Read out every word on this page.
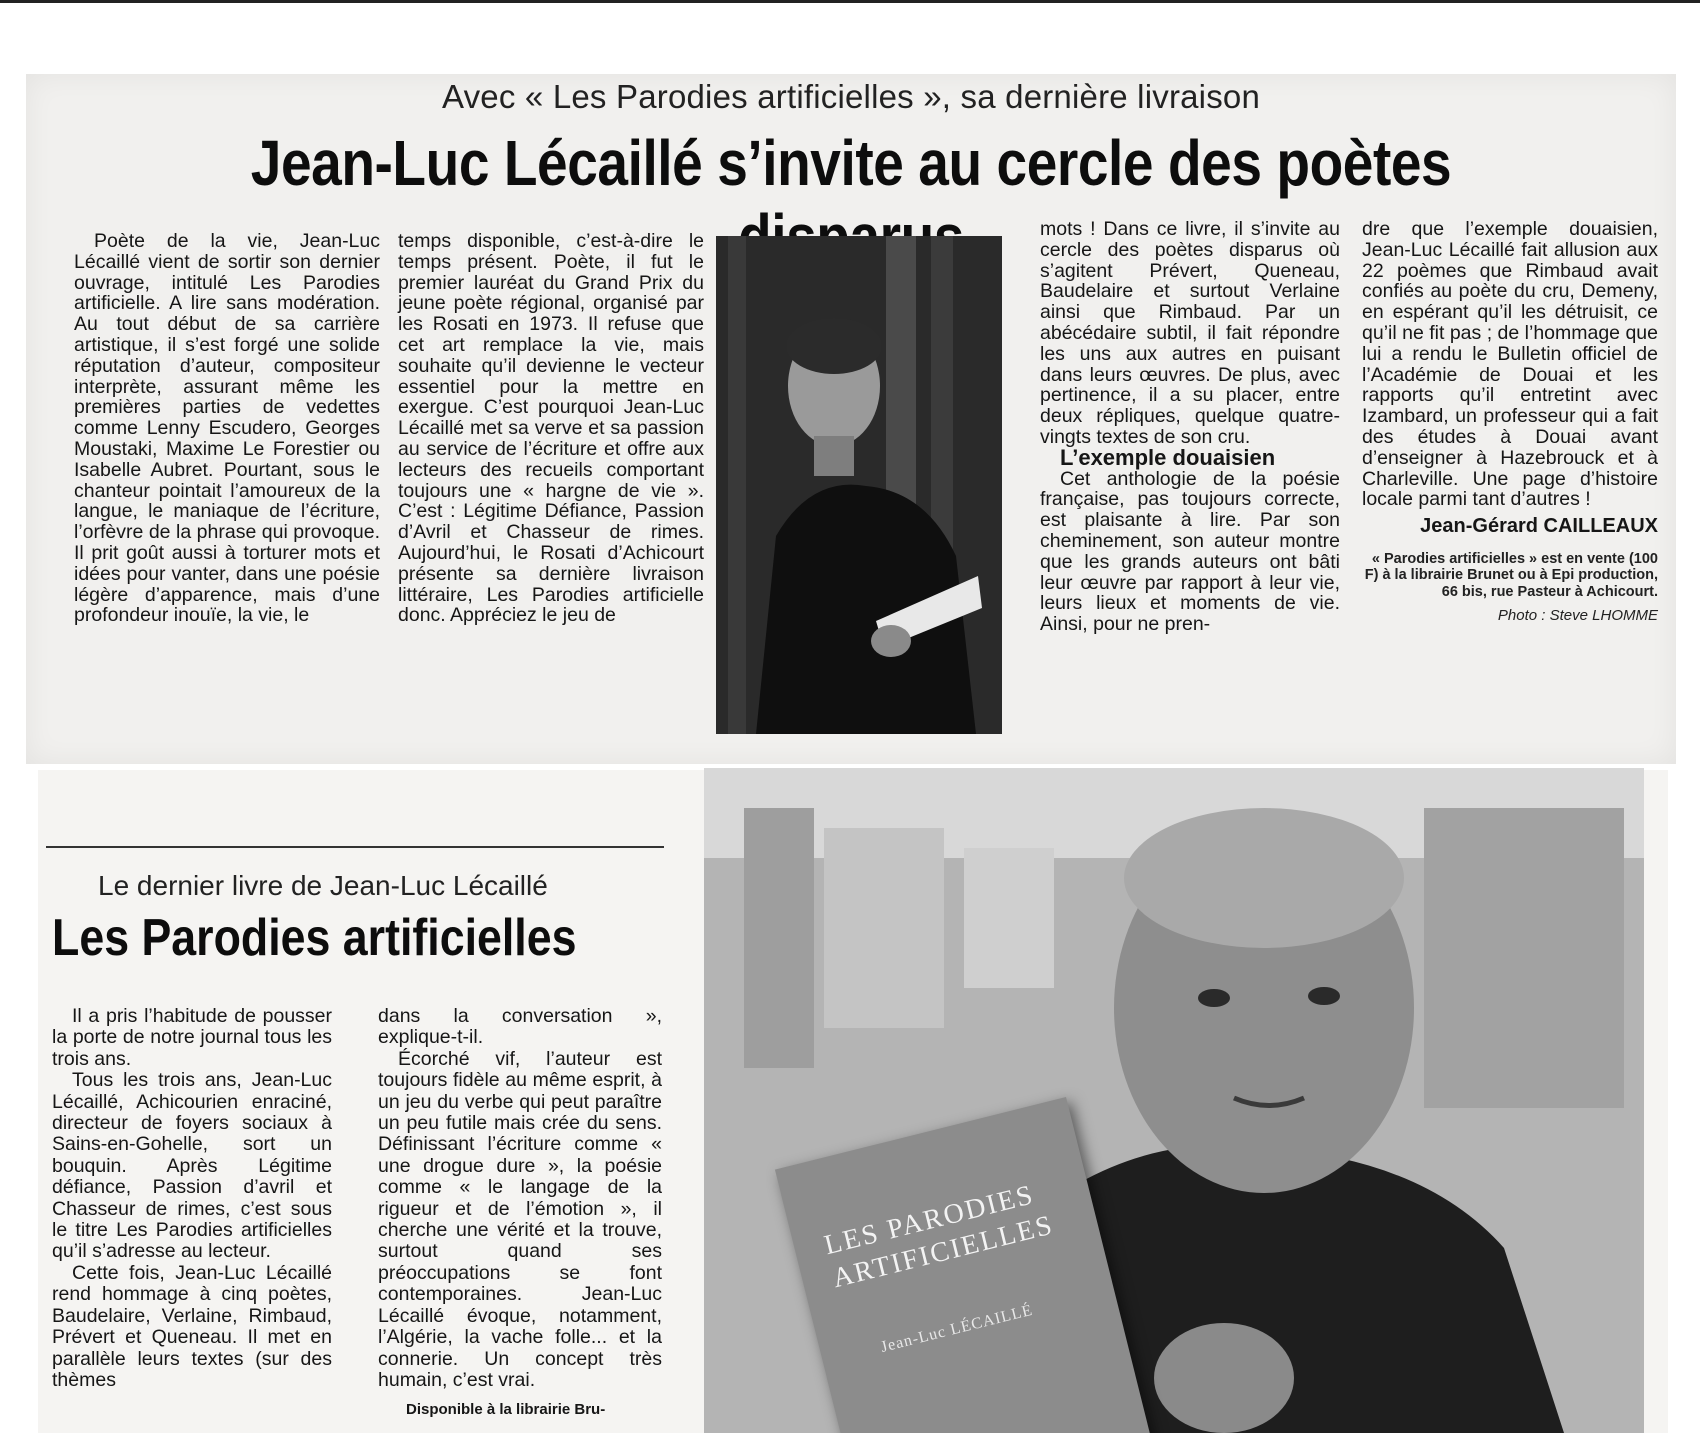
Avec « Les Parodies artificielles », sa dernière livraison
Jean-Luc Lécaillé s’invite au cercle des poètes

Poète de la vie, Jean-Luc Lécaillé vient de sortir son dernier ouvrage, intitulé Les Parodies artificielle. A lire sans modération. Au tout début de sa carrière artistique, il s’est forgé une solide réputation d’auteur, compositeur interprète, assurant même les premières parties de vedettes comme Lenny Escudero, Georges Moustaki, Maxime Le Forestier ou Isabelle Aubret. Pourtant, sous le chanteur pointait l’amoureux de la langue, le maniaque de l’écriture, l’orfèvre de la phrase qui provoque. Il prit goût aussi à torturer mots et idées pour vanter, dans une poésie légère d’apparence, mais d’une profondeur inouïe, la vie, le

temps disponible, c’est-à-dire le temps présent. Poète, il fut le premier lauréat du Grand Prix du jeune poète régional, organisé par les Rosati en 1973. Il refuse que cet art remplace la vie, mais souhaite qu’il devienne le vecteur essentiel pour la mettre en exergue. C’est pourquoi Jean-Luc Lécaillé met sa verve et sa passion au service de l’écriture et offre aux lecteurs des recueils comportant toujours une « hargne de vie ». C’est : Légitime Défiance, Passion d’Avril et Chasseur de rimes. Aujourd’hui, le Rosati d’Achicourt présente sa dernière livraison littéraire, Les Parodies artificielle donc. Appréciez le jeu de

mots ! Dans ce livre, il s’invite au cercle des poètes disparus où s’agitent Prévert, Queneau, Baudelaire et surtout Verlaine ainsi que Rimbaud. Par un abécédaire subtil, il fait répondre les uns aux autres en puisant dans leurs œuvres. De plus, avec pertinence, il a su placer, entre deux répliques, quelque quatre-vingts textes de son cru.

L’exemple douaisien

Cet anthologie de la poésie française, pas toujours correcte, est plaisante à lire. Par son cheminement, son auteur montre que les grands auteurs ont bâti leur œuvre par rapport à leur vie, leurs lieux et moments de vie. Ainsi, pour ne pren-

dre que l’exemple douaisien, Jean-Luc Lécaillé fait allusion aux 22 poèmes que Rimbaud avait confiés au poète du cru, Demeny, en espérant qu’il les détruisit, ce qu’il ne fit pas ; de l’hommage que lui a rendu le Bulletin officiel de l’Académie de Douai et les rapports qu’il entretint avec Izambard, un professeur qui a fait des études à Douai avant d’enseigner à Hazebrouck et à Charleville. Une page d’histoire locale parmi tant d’autres !

Jean-Gérard CAILLEAUX
« Parodies artificielles » est en vente (100 F) à la librairie Brunet ou à Epi production, 66 bis, rue Pasteur à Achicourt.
Photo : Steve LHOMME
Le dernier livre de Jean-Luc Lécaillé
Les Parodies artificielles

Il a pris l’habitude de pousser la porte de notre journal tous les trois ans.

Tous les trois ans, Jean-Luc Lécaillé, Achicourien enraciné, directeur de foyers sociaux à Sains-en-Gohelle, sort un bouquin. Après Légitime défiance, Passion d’avril et Chasseur de rimes, c’est sous le titre Les Parodies artificielles qu’il s’adresse au lecteur.

Cette fois, Jean-Luc Lécaillé rend hommage à cinq poètes, Baudelaire, Verlaine, Rimbaud, Prévert et Queneau. Il met en parallèle leurs textes (sur des thèmes

dans la conversation », explique-t-il.

Écorché vif, l’auteur est toujours fidèle au même esprit, à un jeu du verbe qui peut paraître un peu futile mais crée du sens. Définissant l’écriture comme « une drogue dure », la poésie comme « le langage de la rigueur et de l’émotion », il cherche une vérité et la trouve, surtout quand ses préoccupations se font contemporaines. Jean-Luc Lécaillé évoque, notamment, l’Algérie, la vache folle... et la connerie. Un concept très humain, c’est vrai.

Disponible à la librairie Bru-
LES PARODIES ARTIFICIELLES
Jean-Luc LÉCAILLÉ
